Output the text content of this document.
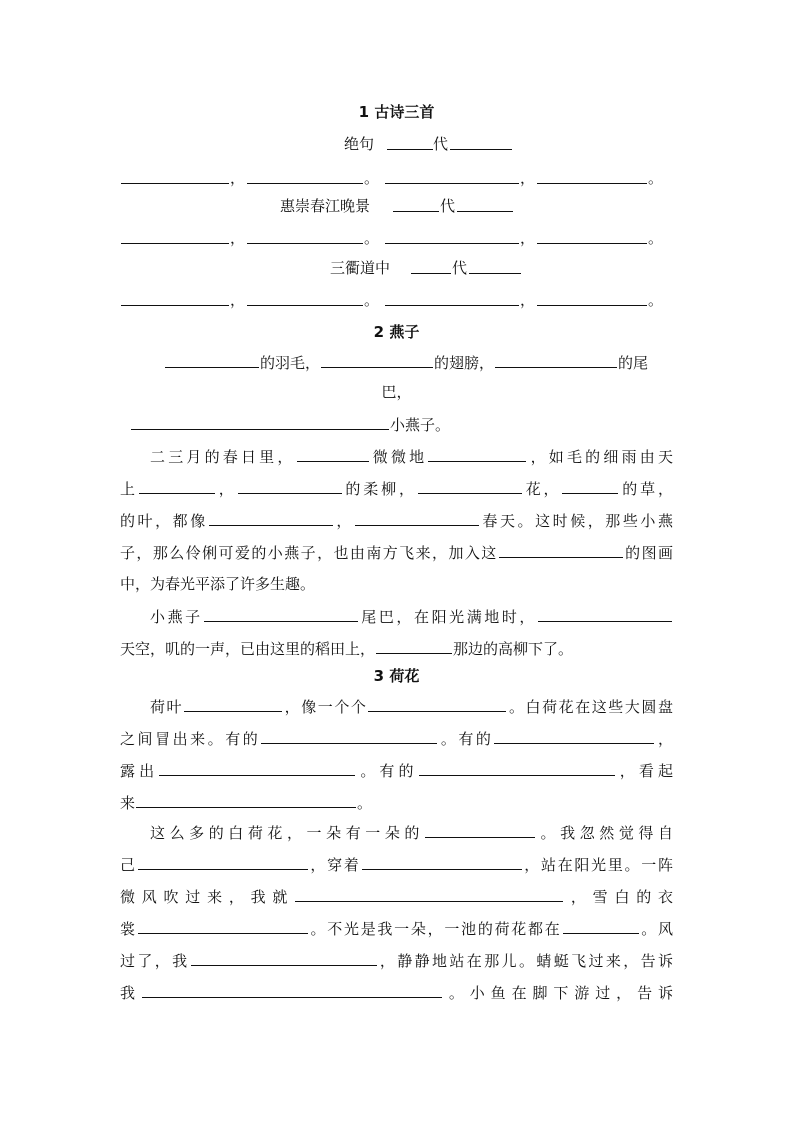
1 古诗三首
绝句	代
，	。	，	。
惠崇春江晚景	代
，	。	，	。
三衢道中	代
，	。	，	。
2 燕子
的羽毛，	的翅膀，	的尾
巴，
小燕子。
二三月的春日里，	微微地	，如毛的细雨由天
上	，	的柔柳，	花，	的草，
的叶，都像	，	春天。这时候，那些小燕
子，那么伶俐可爱的小燕子，也由南方飞来，加入这	的图画
中，为春光平添了许多生趣。
小燕子	尾巴，在阳光满地时，
天空，叽的一声，已由这里的稻田上，	那边的高柳下了。
3 荷花
荷叶	，像一个个	。白荷花在这些大圆盘
之间冒出来。有的	。有的	，
露出	。有的	，看起
来	。
这么多的白荷花，一朵有一朵的	。我忽然觉得自
己	，穿着	，站在阳光里。一阵
微风吹过来，我就	，雪白的衣
裳	。不光是我一朵，一池的荷花都在	。风
过了，我	，静静地站在那儿。蜻蜓飞过来，告诉
我	。小鱼在脚下游过，告诉
